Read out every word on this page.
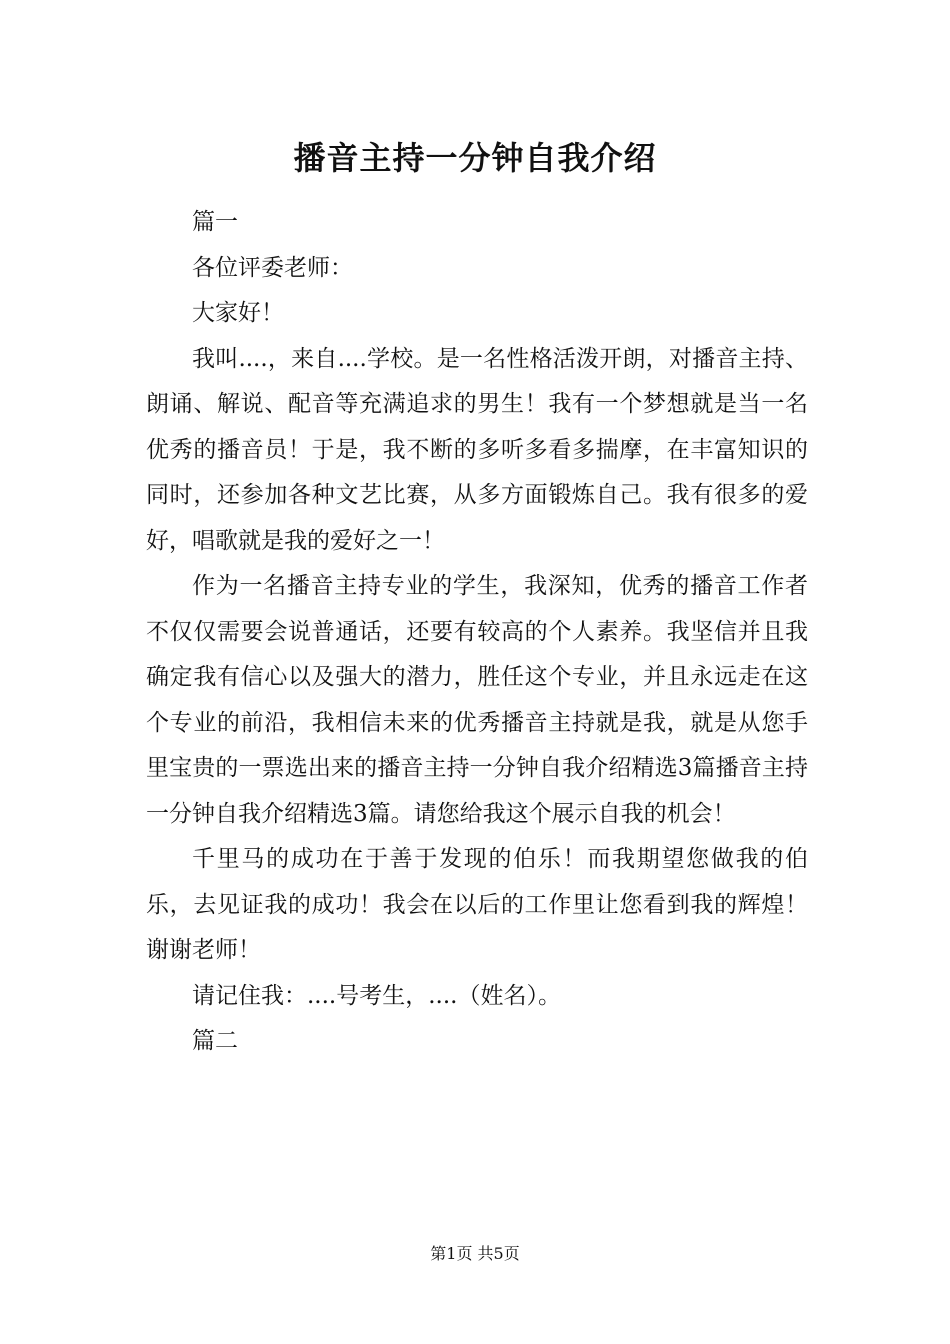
播音主持一分钟自我介绍

篇一

各位评委老师：

大家好！

我叫....，来自....学校。是一名性格活泼开朗，对播音主持、朗诵、解说、配音等充满追求的男生！我有一个梦想就是当一名优秀的播音员！于是，我不断的多听多看多揣摩，在丰富知识的同时，还参加各种文艺比赛，从多方面锻炼自己。我有很多的爱好，唱歌就是我的爱好之一！

作为一名播音主持专业的学生，我深知，优秀的播音工作者不仅仅需要会说普通话，还要有较高的个人素养。我坚信并且我确定我有信心以及强大的潜力，胜任这个专业，并且永远走在这个专业的前沿，我相信未来的优秀播音主持就是我，就是从您手里宝贵的一票选出来的播音主持一分钟自我介绍精选3篇播音主持一分钟自我介绍精选3篇。请您给我这个展示自我的机会！

千里马的成功在于善于发现的伯乐！而我期望您做我的伯乐，去见证我的成功！我会在以后的工作里让您看到我的辉煌！谢谢老师！

请记住我：....号考生，....（姓名）。

篇二

第1页 共5页
